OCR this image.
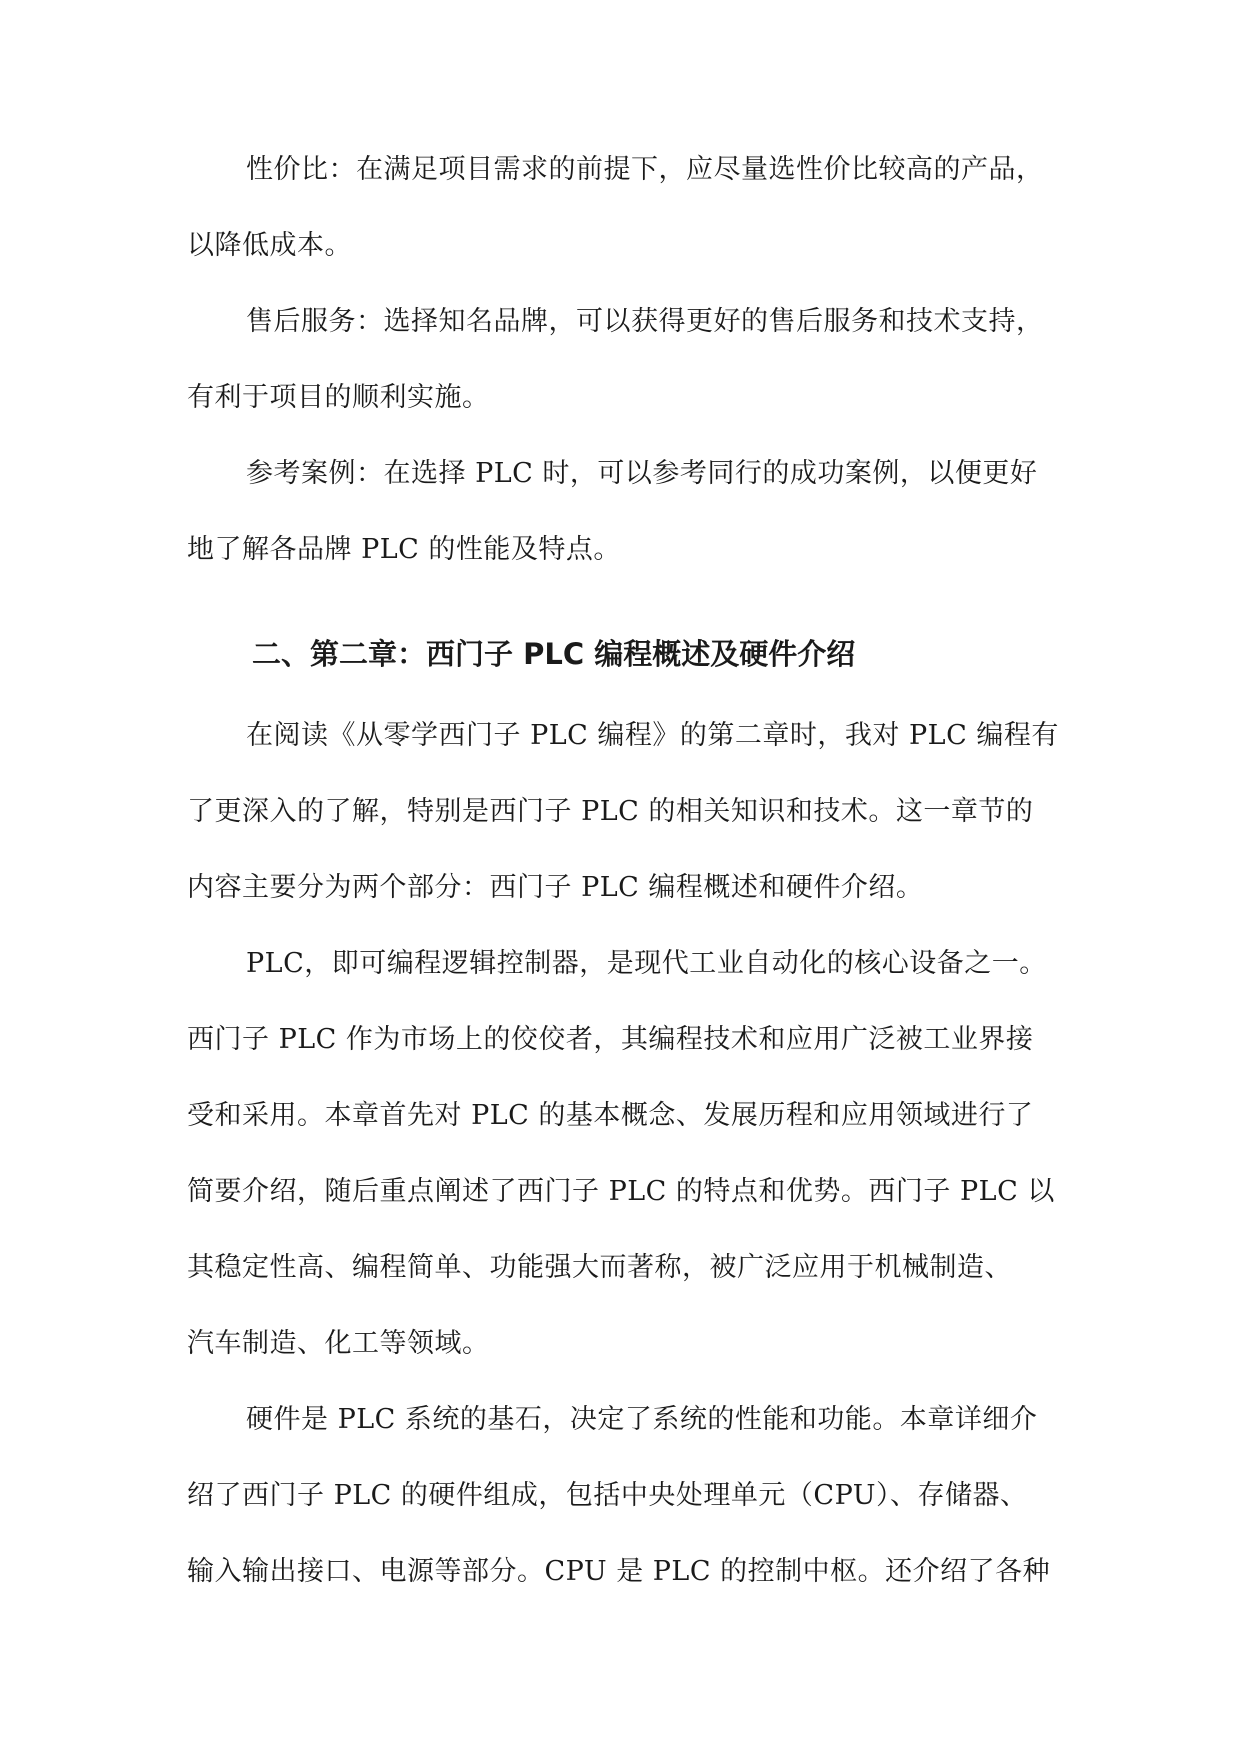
性价比：在满足项目需求的前提下，应尽量选性价比较高的产品，
以降低成本。
售后服务：选择知名品牌，可以获得更好的售后服务和技术支持，
有利于项目的顺利实施。
参考案例：在选择 PLC 时，可以参考同行的成功案例，以便更好
地了解各品牌 PLC 的性能及特点。
二、第二章：西门子 PLC 编程概述及硬件介绍
在阅读《从零学西门子 PLC 编程》的第二章时，我对 PLC 编程有
了更深入的了解，特别是西门子 PLC 的相关知识和技术。这一章节的
内容主要分为两个部分：西门子 PLC 编程概述和硬件介绍。
PLC，即可编程逻辑控制器，是现代工业自动化的核心设备之一。
西门子 PLC 作为市场上的佼佼者，其编程技术和应用广泛被工业界接
受和采用。本章首先对 PLC 的基本概念、发展历程和应用领域进行了
简要介绍，随后重点阐述了西门子 PLC 的特点和优势。西门子 PLC 以
其稳定性高、编程简单、功能强大而著称，被广泛应用于机械制造、
汽车制造、化工等领域。
硬件是 PLC 系统的基石，决定了系统的性能和功能。本章详细介
绍了西门子 PLC 的硬件组成，包括中央处理单元（CPU）、存储器、
输入输出接口、电源等部分。CPU 是 PLC 的控制中枢。还介绍了各种
